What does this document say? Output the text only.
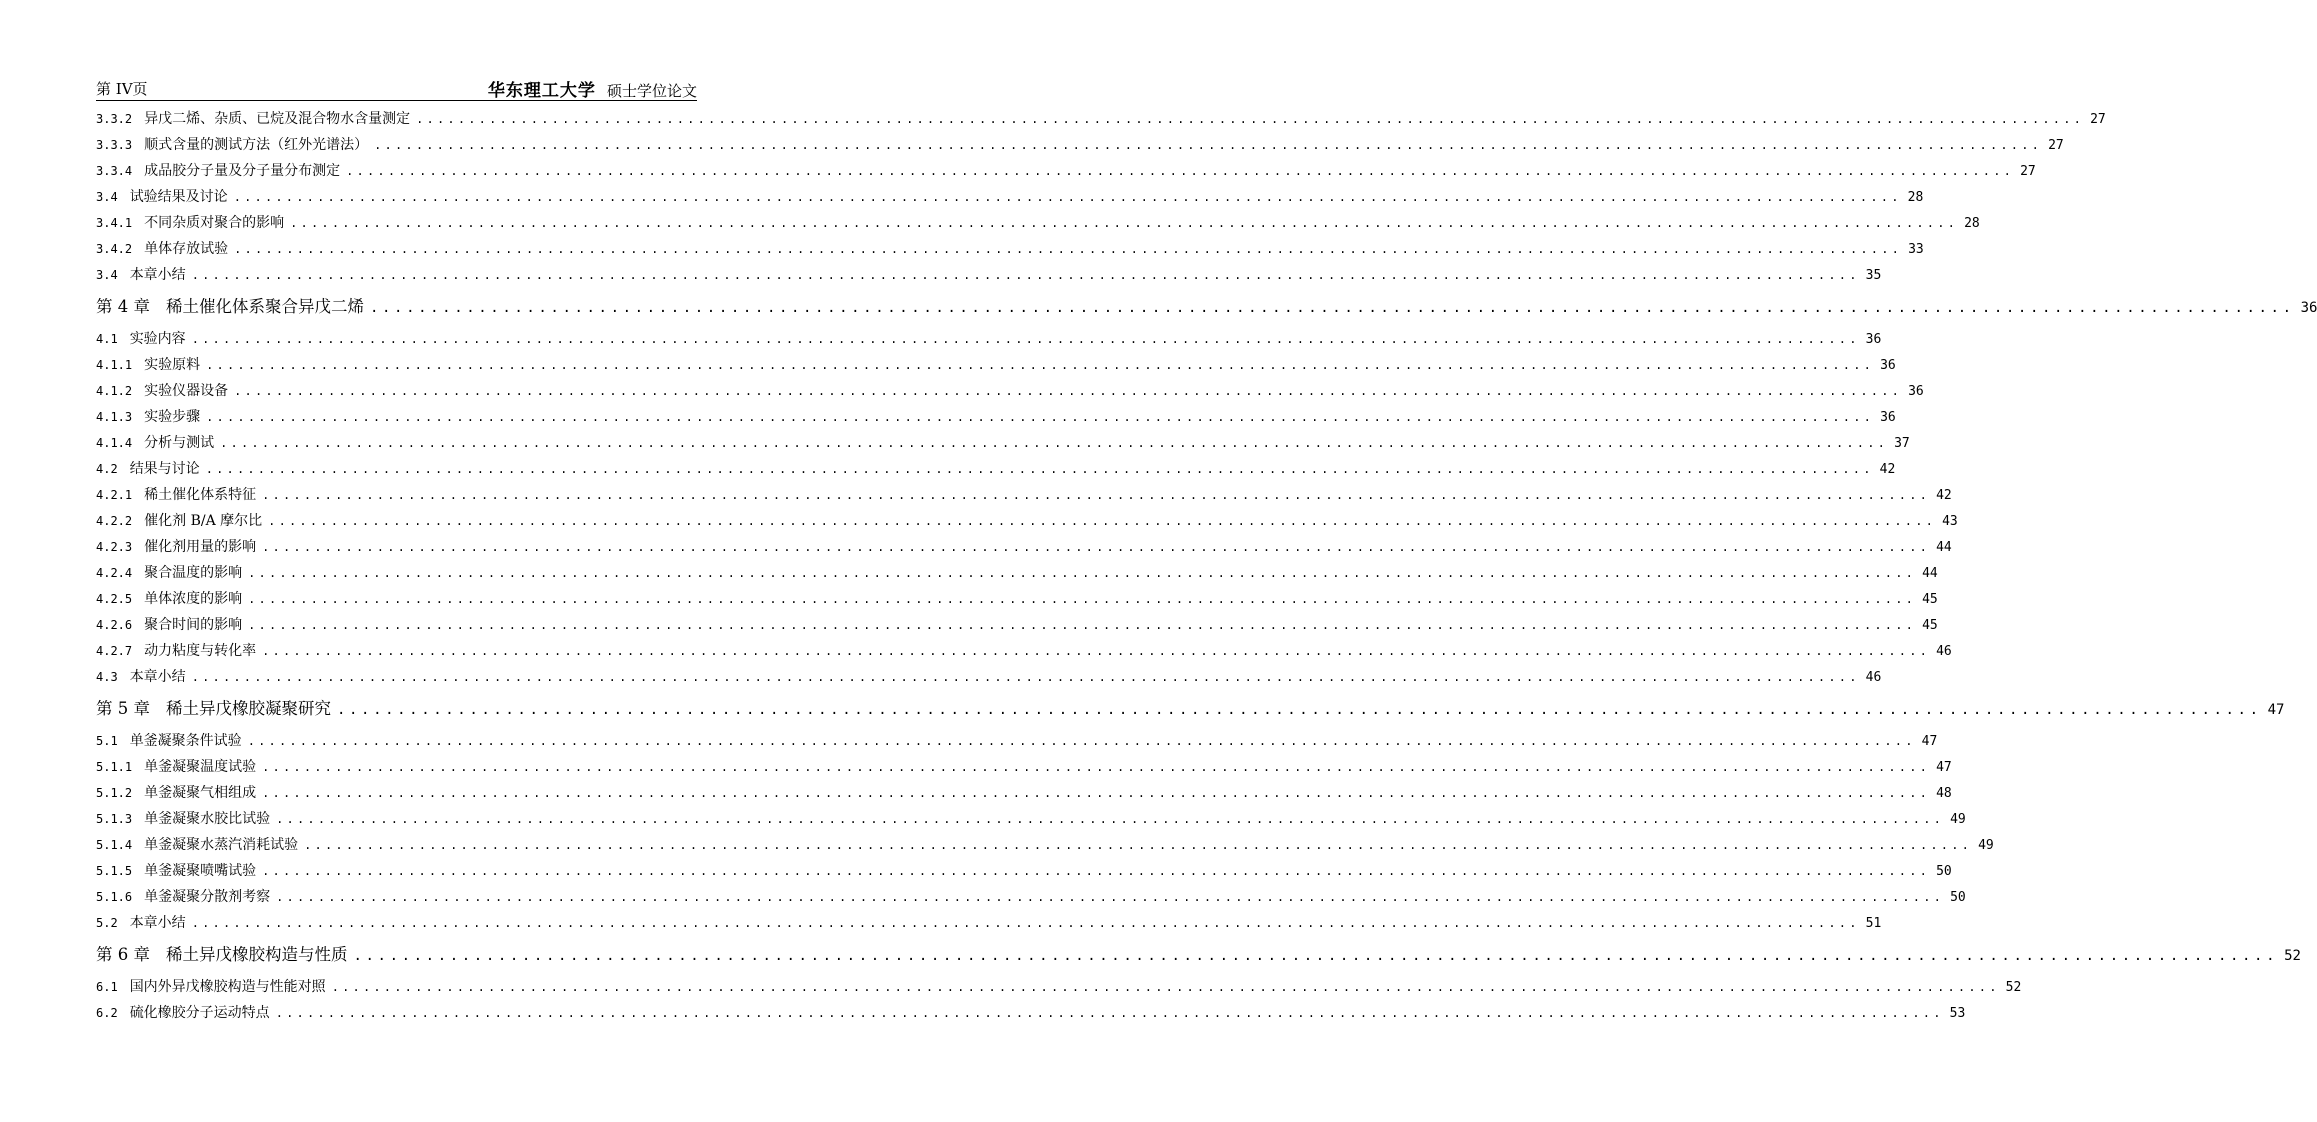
第 IV页	华东理工大学 硕士学位论文
3.3.2 异戊二烯、杂质、已烷及混合物水含量测定 ................................................................................................................................................................ 27
3.3.3 顺式含量的测试方法（红外光谱法） ................................................................................................................................................................ 27
3.3.4 成品胶分子量及分子量分布测定 ................................................................................................................................................................ 27
3.4 试验结果及讨论 ................................................................................................................................................................ 28
3.4.1 不同杂质对聚合的影响 ................................................................................................................................................................ 28
3.4.2 单体存放试验 ................................................................................................................................................................ 33
3.4 本章小结 ................................................................................................................................................................ 35
第 4 章 稀土催化体系聚合异戊二烯 ................................................................................................................................................................ 36
4.1 实验内容 ................................................................................................................................................................ 36
4.1.1 实验原料 ................................................................................................................................................................ 36
4.1.2 实验仪器设备 ................................................................................................................................................................ 36
4.1.3 实验步骤 ................................................................................................................................................................ 36
4.1.4 分析与测试 ................................................................................................................................................................ 37
4.2 结果与讨论 ................................................................................................................................................................ 42
4.2.1 稀土催化体系特征 ................................................................................................................................................................ 42
4.2.2 催化剂 B/A 摩尔比 ................................................................................................................................................................ 43
4.2.3 催化剂用量的影响 ................................................................................................................................................................ 44
4.2.4 聚合温度的影响 ................................................................................................................................................................ 44
4.2.5 单体浓度的影响 ................................................................................................................................................................ 45
4.2.6 聚合时间的影响 ................................................................................................................................................................ 45
4.2.7 动力粘度与转化率 ................................................................................................................................................................ 46
4.3 本章小结 ................................................................................................................................................................ 46
第 5 章 稀土异戊橡胶凝聚研究 ................................................................................................................................................................ 47
5.1 单釜凝聚条件试验 ................................................................................................................................................................ 47
5.1.1 单釜凝聚温度试验 ................................................................................................................................................................ 47
5.1.2 单釜凝聚气相组成 ................................................................................................................................................................ 48
5.1.3 单釜凝聚水胶比试验 ................................................................................................................................................................ 49
5.1.4 单釜凝聚水蒸汽消耗试验 ................................................................................................................................................................ 49
5.1.5 单釜凝聚喷嘴试验 ................................................................................................................................................................ 50
5.1.6 单釜凝聚分散剂考察 ................................................................................................................................................................ 50
5.2 本章小结 ................................................................................................................................................................ 51
第 6 章 稀土异戊橡胶构造与性质 ................................................................................................................................................................ 52
6.1 国内外异戊橡胶构造与性能对照 ................................................................................................................................................................ 52
6.2 硫化橡胶分子运动特点 ................................................................................................................................................................ 53
